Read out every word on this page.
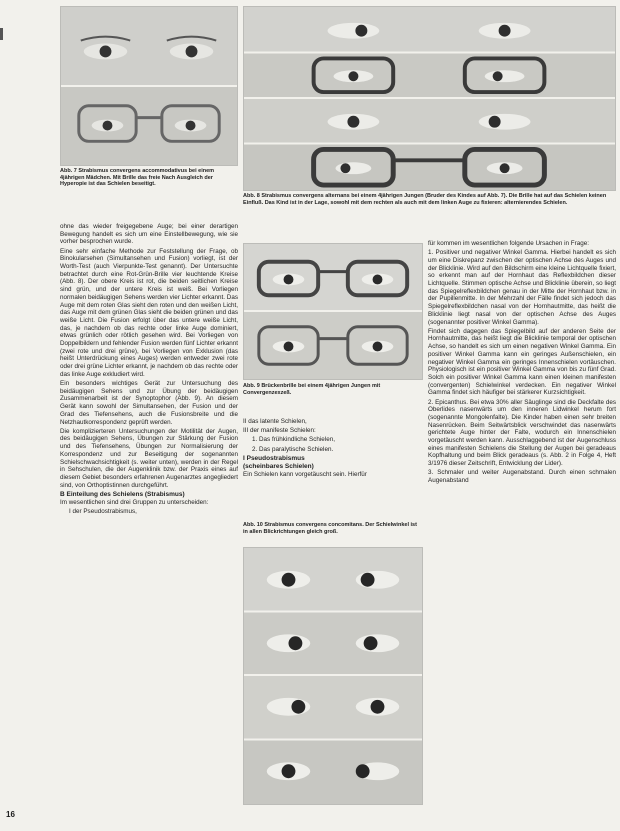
Abb. 7 Strabismus convergens accommodativus bei einem 4jährigen Mädchen. Mit Brille das freie Nach Ausgleich der Hyperopie ist das Schielen beseitigt.
Abb. 8 Strabismus convergens alternans bei einem 4jährigen Jungen (Bruder des Kindes auf Abb. 7). Die Brille hat auf das Schielen keinen Einfluß. Das Kind ist in der Lage, sowohl mit dem rechten als auch mit dem linken Auge zu fixieren: alternierendes Schielen.
Abb. 9 Brückenbrille bei einem 4jährigen Jungen mit Convergenzexzeß.

ohne das wieder freigegebene Auge; bei einer derartigen Bewegung handelt es sich um eine Einstellbewegung, wie sie vorher besprochen wurde.

Eine sehr einfache Methode zur Feststellung der Frage, ob Binokularsehen (Simultansehen und Fusion) vorliegt, ist der Worth-Test (auch Vierpunkte-Test genannt). Der Untersuchte betrachtet durch eine Rot-Grün-Brille vier leuchtende Kreise (Abb. 8). Der obere Kreis ist rot, die beiden seitlichen Kreise sind grün, und der untere Kreis ist weiß. Bei Vorliegen normalen beidäugigen Sehens werden vier Lichter erkannt. Das Auge mit dem roten Glas sieht den roten und den weißen Licht, das Auge mit dem grünen Glas sieht die beiden grünen und das weiße Licht. Die Fusion erfolgt über das untere weiße Licht, das, je nachdem ob das rechte oder linke Auge dominiert, etwas grünlich oder rötlich gesehen wird. Bei Vorliegen von Doppelbildern und fehlender Fusion werden fünf Lichter erkannt (zwei rote und drei grüne), bei Vorliegen von Exklusion (das heißt Unterdrückung eines Auges) werden entweder zwei rote oder drei grüne Lichter erkannt, je nachdem ob das rechte oder das linke Auge exkludiert wird.

Ein besonders wichtiges Gerät zur Untersuchung des beidäugigen Sehens und zur Übung der beidäugigen Zusammenarbeit ist der Synoptophor (Abb. 9). An diesem Gerät kann sowohl der Simultansehen, der Fusion und der Grad des Tiefensehens, auch die Fusionsbreite und die Netzhautkorrespondenz geprüft werden.

Die komplizierteren Untersuchungen der Motilität der Augen, des beidäugigen Sehens, Übungen zur Stärkung der Fusion und des Tiefensehens, Übungen zur Normalisierung der Korrespondenz und zur Beseitigung der sogenannten Schielschwachsichtigkeit (s. weiter unten), werden in der Regel in Sehschulen, die der Augenklinik bzw. der Praxis eines auf diesem Gebiet besonders erfahrenen Augenarztes angegliedert sind, von Orthoptistinnen durchgeführt.

B Einteilung des Schielens (Strabismus)

Im wesentlichen sind drei Gruppen zu unterscheiden:

I der Pseudostrabismus,

II das latente Schielen,

III der manifeste Schielen:

1. Das frühkindliche Schielen,

2. Das paralytische Schielen.

I Pseudostrabismus
(scheinbares Schielen)

Ein Schielen kann vorgetäuscht sein. Hierfür

Abb. 10 Strabismus convergens concomitans. Der Schielwinkel ist in allen Blickrichtungen gleich groß.

für kommen im wesentlichen folgende Ursachen in Frage:

1. Positiver und negativer Winkel Gamma. Hierbei handelt es sich um eine Diskrepanz zwischen der optischen Achse des Auges und der Blicklinie. Wird auf den Bildschirm eine kleine Lichtquelle fixiert, so erkennt man auf der Hornhaut das Reflexbildchen dieser Lichtquelle. Stimmen optische Achse und Blicklinie überein, so liegt das Spiegelreflexbildchen genau in der Mitte der Hornhaut bzw. in der Pupillenmitte. In der Mehrzahl der Fälle findet sich jedoch das Spiegelreflexbildchen nasal von der Hornhautmitte, das heißt die Blicklinie liegt nasal von der optischen Achse des Auges (sogenannter positiver Winkel Gamma).

Findet sich dagegen das Spiegelbild auf der anderen Seite der Hornhautmitte, das heißt liegt die Blicklinie temporal der optischen Achse, so handelt es sich um einen negativen Winkel Gamma. Ein positiver Winkel Gamma kann ein geringes Außenschielen, ein negativer Winkel Gamma ein geringes Innenschielen vortäuschen. Physiologisch ist ein positiver Winkel Gamma von bis zu fünf Grad. Solch ein positiver Winkel Gamma kann einen kleinen manifesten (convergenten) Schielwinkel verdecken. Ein negativer Winkel Gamma findet sich häufiger bei stärkerer Kurzsichtigkeit.

2. Epicanthus. Bei etwa 30% aller Säuglinge sind die Deckfalte des Oberlides nasenwärts um den inneren Lidwinkel herum fort (sogenannte Mongolenfalte). Die Kinder haben einen sehr breiten Nasenrücken. Beim Seitwärtsblick verschwindet das nasenwärts gerichtete Auge hinter der Falte, wodurch ein Innenschielen vorgetäuscht werden kann. Ausschlaggebend ist der Augenschluss eines manifesten Schielens die Stellung der Augen bei geradeaus Kopfhaltung und beim Blick geradeaus (s. Abb. 2 in Folge 4, Heft 3/1976 dieser Zeitschrift, Entwicklung der Lider).

3. Schmaler und weiter Augenabstand. Durch einen schmalen Augenabstand

16
